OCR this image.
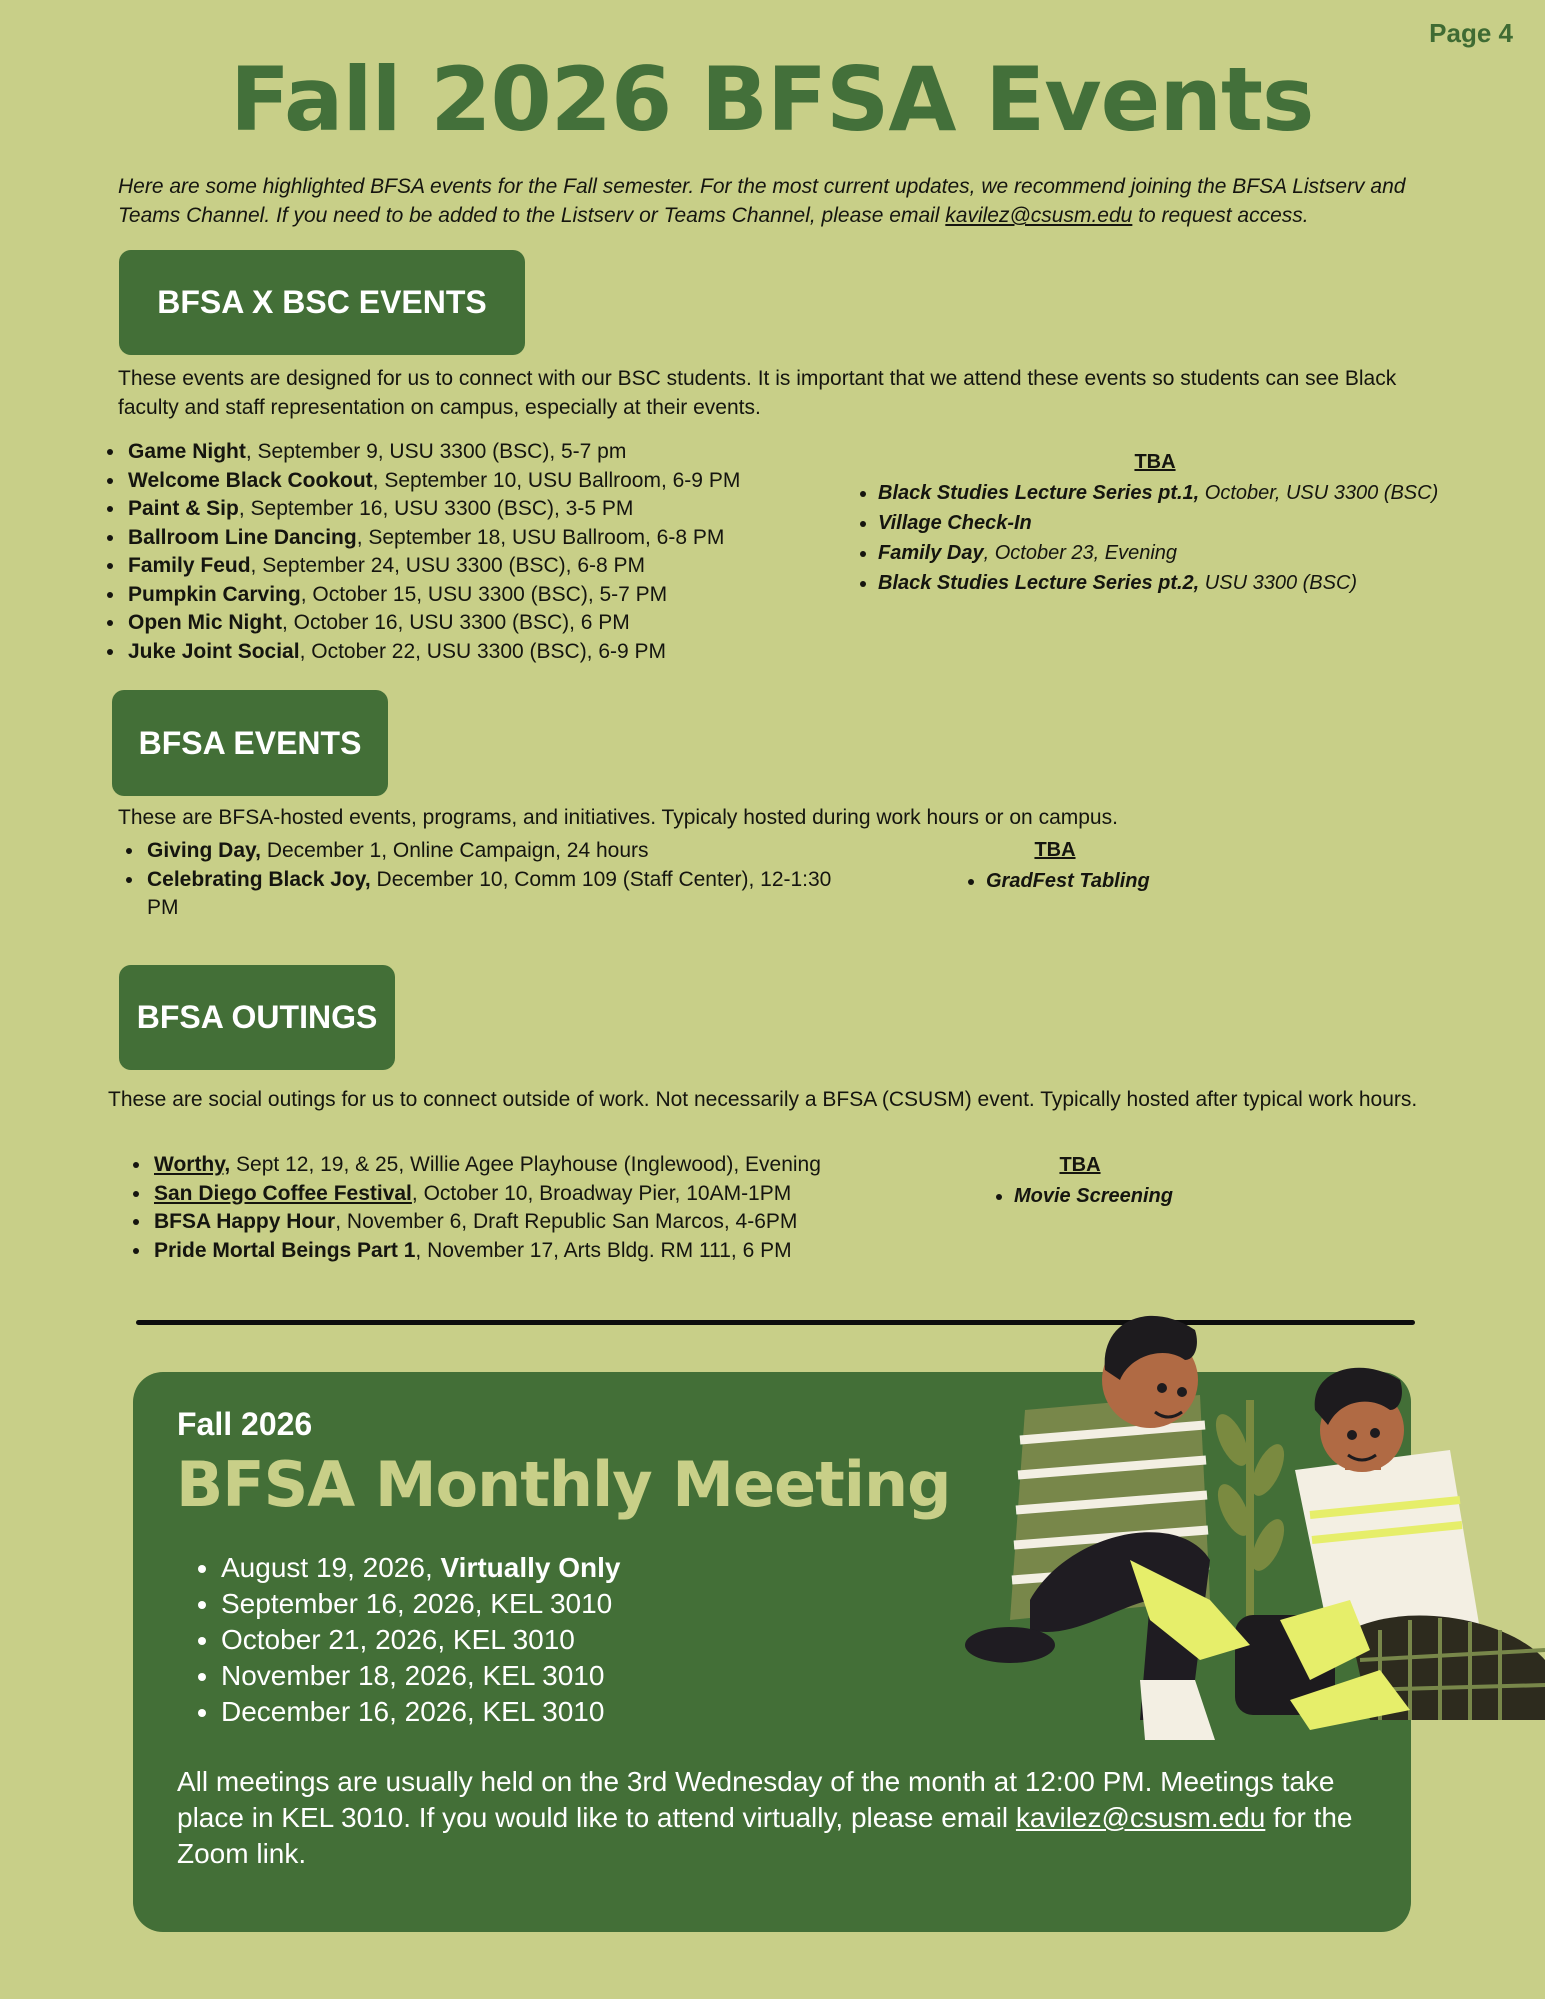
Page 4
Fall 2026 BFSA Events
Here are some highlighted BFSA events for the Fall semester. For the most current updates, we recommend joining the BFSA Listserv and Teams Channel. If you need to be added to the Listserv or Teams Channel, please email kavilez@csusm.edu to request access.
BFSA X BSC EVENTS
These events are designed for us to connect with our BSC students. It is important that we attend these events so students can see Black faculty and staff representation on campus, especially at their events.
• Game Night, September 9, USU 3300 (BSC), 5-7 pm
• Welcome Black Cookout, September 10, USU Ballroom, 6-9 PM
• Paint & Sip, September 16, USU 3300 (BSC), 3-5 PM
• Ballroom Line Dancing, September 18, USU Ballroom, 6-8 PM
• Family Feud, September 24, USU 3300 (BSC), 6-8 PM
• Pumpkin Carving, October 15, USU 3300 (BSC), 5-7 PM
• Open Mic Night, October 16, USU 3300 (BSC), 6 PM
• Juke Joint Social, October 22, USU 3300 (BSC), 6-9 PM
TBA
• Black Studies Lecture Series pt.1, October, USU 3300 (BSC)
• Village Check-In
• Family Day, October 23, Evening
• Black Studies Lecture Series pt.2, USU 3300 (BSC)
BFSA EVENTS
These are BFSA-hosted events, programs, and initiatives. Typicaly hosted during work hours or on campus.
• Giving Day, December 1, Online Campaign, 24 hours
• Celebrating Black Joy, December 10, Comm 109 (Staff Center), 12-1:30 PM
TBA
• GradFest Tabling
BFSA OUTINGS
These are social outings for us to connect outside of work. Not necessarily a BFSA (CSUSM) event. Typically hosted after typical work hours.
• Worthy, Sept 12, 19, & 25, Willie Agee Playhouse (Inglewood), Evening
• San Diego Coffee Festival, October 10, Broadway Pier, 10AM-1PM
• BFSA Happy Hour, November 6, Draft Republic San Marcos, 4-6PM
• Pride Mortal Beings Part 1, November 17, Arts Bldg. RM 111, 6 PM
TBA
• Movie Screening
Fall 2026
BFSA Monthly Meeting
• August 19, 2026, Virtually Only
• September 16, 2026, KEL 3010
• October 21, 2026, KEL 3010
• November 18, 2026, KEL 3010
• December 16, 2026, KEL 3010
All meetings are usually held on the 3rd Wednesday of the month at 12:00 PM. Meetings take place in KEL 3010. If you would like to attend virtually, please email kavilez@csusm.edu for the Zoom link.
